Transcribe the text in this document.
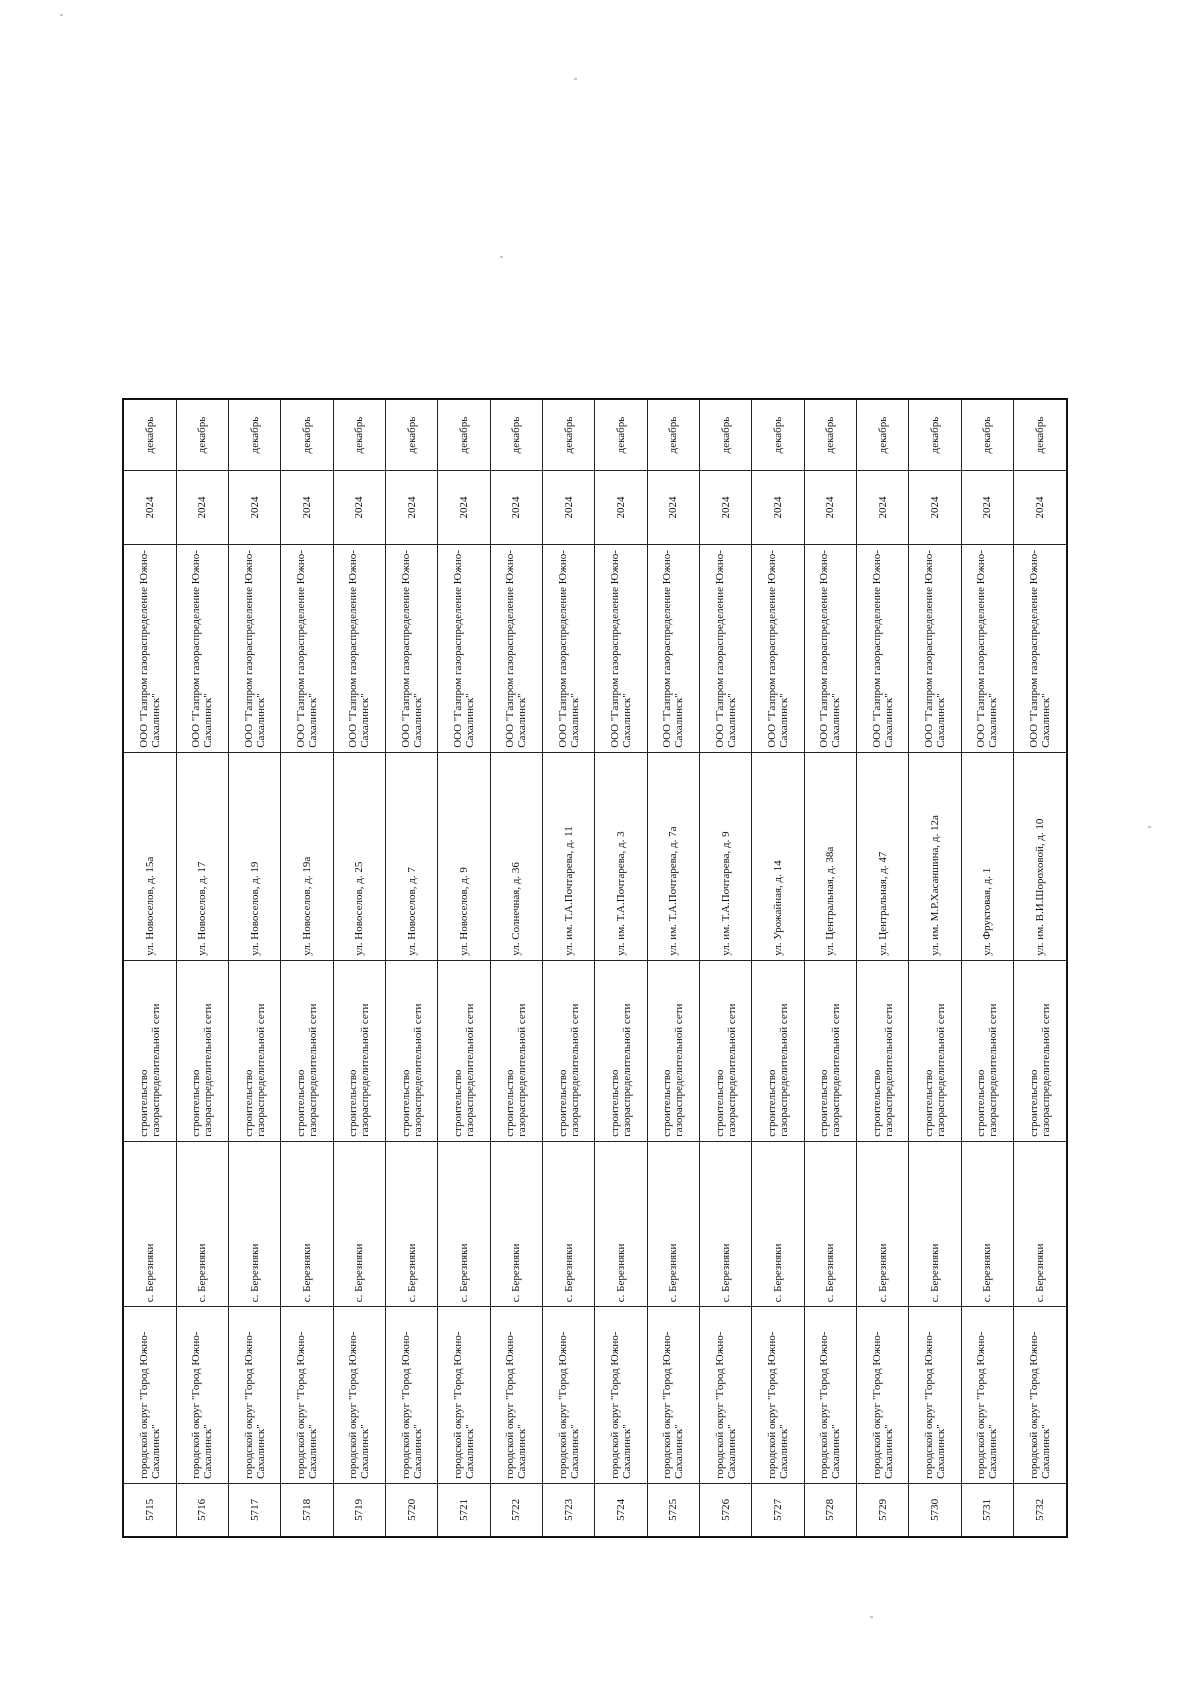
5715	городской округ "Город Южно-Сахалинск"	с. Березняки	строительство газораспределительной сети	ул. Новоселов, д. 15а	ООО "Газпром газораспределение Южно-Сахалинск"	2024	декабрь
5716	городской округ "Город Южно-Сахалинск"	с. Березняки	строительство газораспределительной сети	ул. Новоселов, д. 17	ООО "Газпром газораспределение Южно-Сахалинск"	2024	декабрь
5717	городской округ "Город Южно-Сахалинск"	с. Березняки	строительство газораспределительной сети	ул. Новоселов, д. 19	ООО "Газпром газораспределение Южно-Сахалинск"	2024	декабрь
5718	городской округ "Город Южно-Сахалинск"	с. Березняки	строительство газораспределительной сети	ул. Новоселов, д. 19а	ООО "Газпром газораспределение Южно-Сахалинск"	2024	декабрь
5719	городской округ "Город Южно-Сахалинск"	с. Березняки	строительство газораспределительной сети	ул. Новоселов, д. 25	ООО "Газпром газораспределение Южно-Сахалинск"	2024	декабрь
5720	городской округ "Город Южно-Сахалинск"	с. Березняки	строительство газораспределительной сети	ул. Новоселов, д. 7	ООО "Газпром газораспределение Южно-Сахалинск"	2024	декабрь
5721	городской округ "Город Южно-Сахалинск"	с. Березняки	строительство газораспределительной сети	ул. Новоселов, д. 9	ООО "Газпром газораспределение Южно-Сахалинск"	2024	декабрь
5722	городской округ "Город Южно-Сахалинск"	с. Березняки	строительство газораспределительной сети	ул. Солнечная, д. 36	ООО "Газпром газораспределение Южно-Сахалинск"	2024	декабрь
5723	городской округ "Город Южно-Сахалинск"	с. Березняки	строительство газораспределительной сети	ул. им. Т.А.Почтарева, д. 11	ООО "Газпром газораспределение Южно-Сахалинск"	2024	декабрь
5724	городской округ "Город Южно-Сахалинск"	с. Березняки	строительство газораспределительной сети	ул. им. Т.А.Почтарева, д. 3	ООО "Газпром газораспределение Южно-Сахалинск"	2024	декабрь
5725	городской округ "Город Южно-Сахалинск"	с. Березняки	строительство газораспределительной сети	ул. им. Т.А.Почтарева, д. 7а	ООО "Газпром газораспределение Южно-Сахалинск"	2024	декабрь
5726	городской округ "Город Южно-Сахалинск"	с. Березняки	строительство газораспределительной сети	ул. им. Т.А.Почтарева, д. 9	ООО "Газпром газораспределение Южно-Сахалинск"	2024	декабрь
5727	городской округ "Город Южно-Сахалинск"	с. Березняки	строительство газораспределительной сети	ул. Урожайная, д. 14	ООО "Газпром газораспределение Южно-Сахалинск"	2024	декабрь
5728	городской округ "Город Южно-Сахалинск"	с. Березняки	строительство газораспределительной сети	ул. Центральная, д. 38а	ООО "Газпром газораспределение Южно-Сахалинск"	2024	декабрь
5729	городской округ "Город Южно-Сахалинск"	с. Березняки	строительство газораспределительной сети	ул. Центральная, д. 47	ООО "Газпром газораспределение Южно-Сахалинск"	2024	декабрь
5730	городской округ "Город Южно-Сахалинск"	с. Березняки	строительство газораспределительной сети	ул. им. М.Р.Хасаншина, д. 12а	ООО "Газпром газораспределение Южно-Сахалинск"	2024	декабрь
5731	городской округ "Город Южно-Сахалинск"	с. Березняки	строительство газораспределительной сети	ул. Фруктовая, д. 1	ООО "Газпром газораспределение Южно-Сахалинск"	2024	декабрь
5732	городской округ "Город Южно-Сахалинск"	с. Березняки	строительство газораспределительной сети	ул. им. В.И.Шороховой, д. 10	ООО "Газпром газораспределение Южно-Сахалинск"	2024	декабрь
